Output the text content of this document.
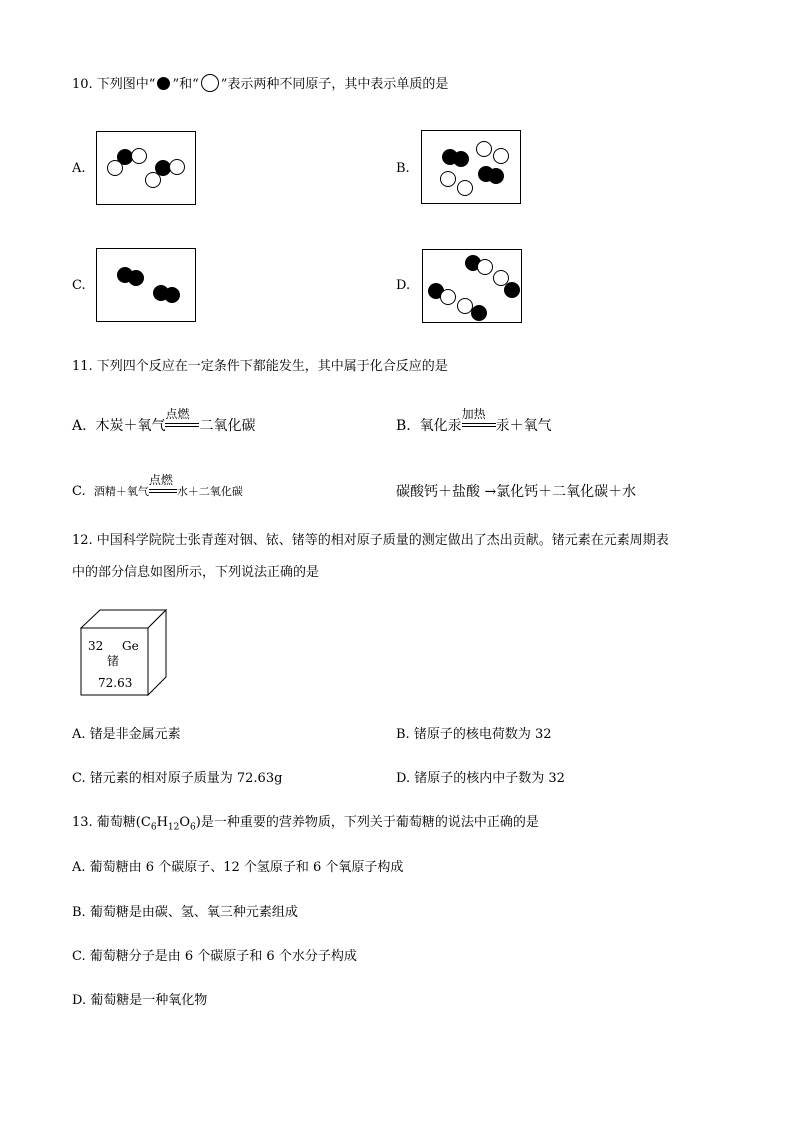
10. 下列图中“ ”和“ ”表示两种不同原子，其中表示单质的是
A.	B.
C.	D.
11. 下列四个反应在一定条件下都能发生，其中属于化合反应的是
A. 木炭＋氧气
点燃
二氧化碳	B. 氧化汞
加热
汞＋氧气
C. 酒精＋氧气
点燃
水＋二氧化碳	碳酸钙＋盐酸 →氯化钙＋二氧化碳＋水
12. 中国科学院院士张青莲对铟、铱、锗等的相对原子质量的测定做出了杰出贡献。锗元素在元素周期表
中的部分信息如图所示，下列说法正确的是
32 Ge
锗
72.63
A. 锗是非金属元素	B. 锗原子的核电荷数为 32
C. 锗元素的相对原子质量为 72.63g	D. 锗原子的核内中子数为 32
13. 葡萄糖$(C_6H_{12}O_6)$是一种重要的营养物质，下列关于葡萄糖的说法中正确的是
A. 葡萄糖由 6 个碳原子、12 个氢原子和 6 个氧原子构成
B. 葡萄糖是由碳、氢、氧三种元素组成
C. 葡萄糖分子是由 6 个碳原子和 6 个水分子构成
D. 葡萄糖是一种氧化物
